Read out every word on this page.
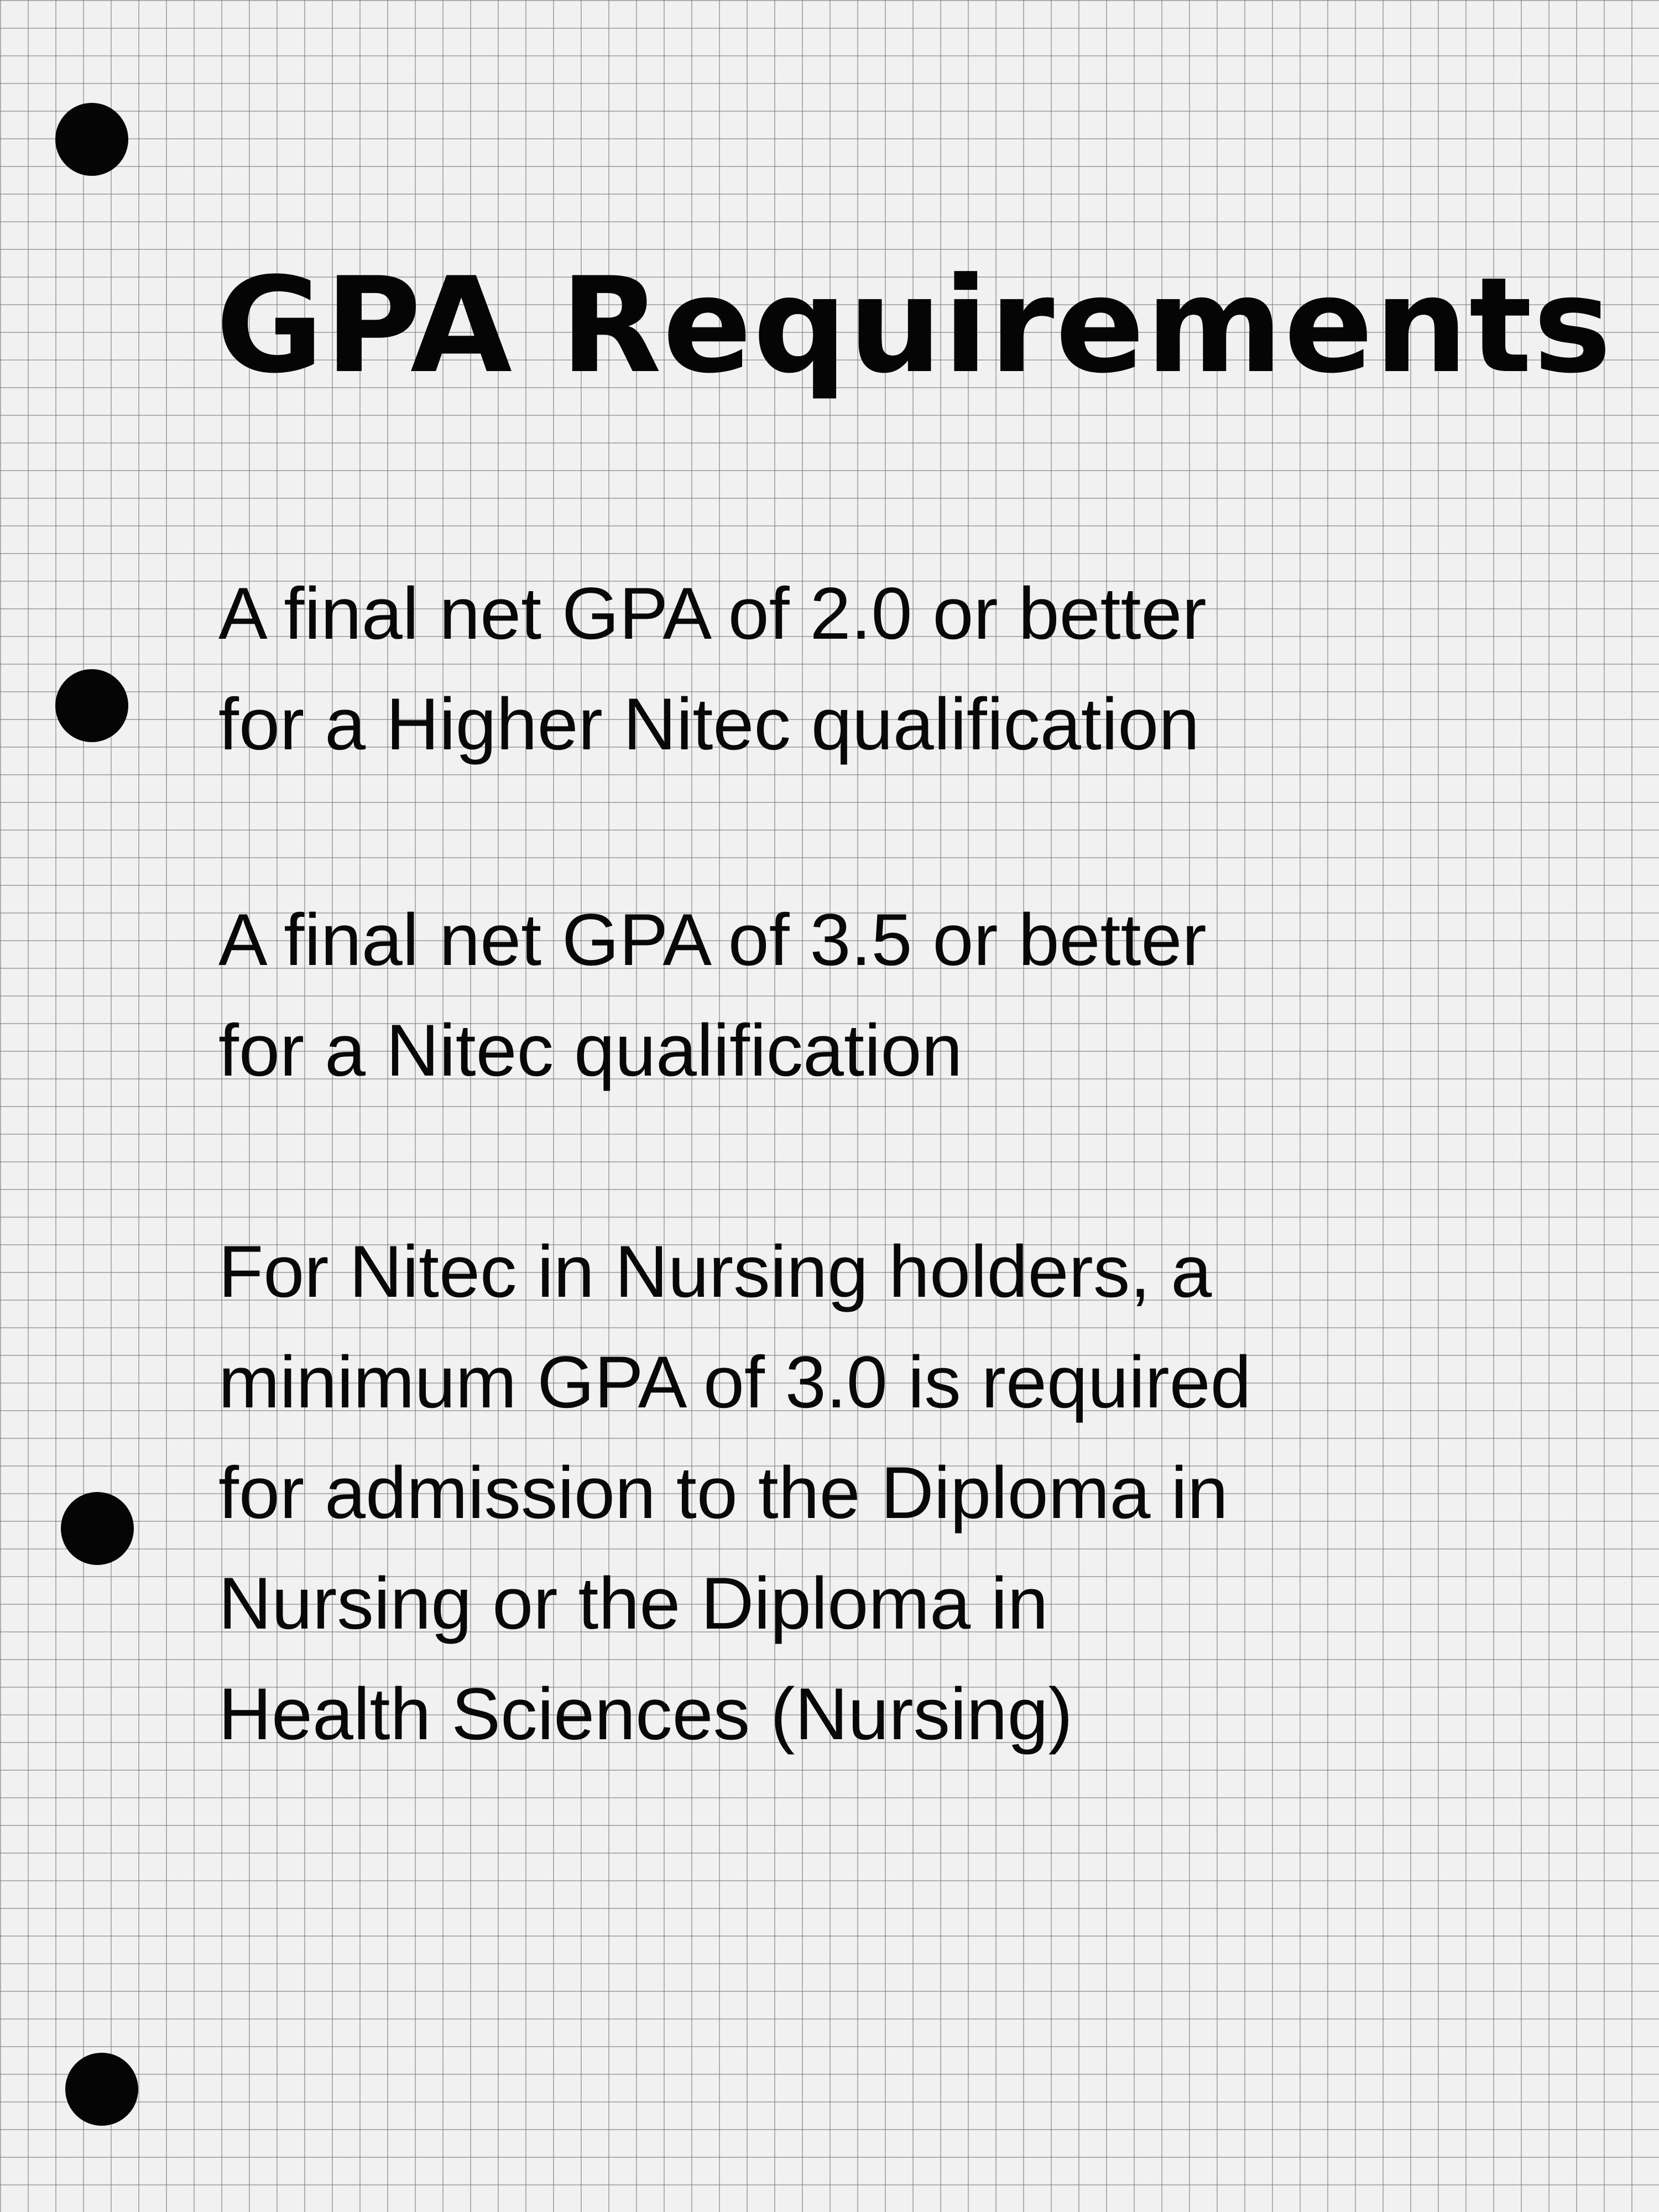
GPA Requirements

A final net GPA of 2.0 or better
for a Higher Nitec qualification

A final net GPA of 3.5 or better
for a Nitec qualification

For Nitec in Nursing holders, a
minimum GPA of 3.0 is required
for admission to the Diploma in
Nursing or the Diploma in
Health Sciences (Nursing)
